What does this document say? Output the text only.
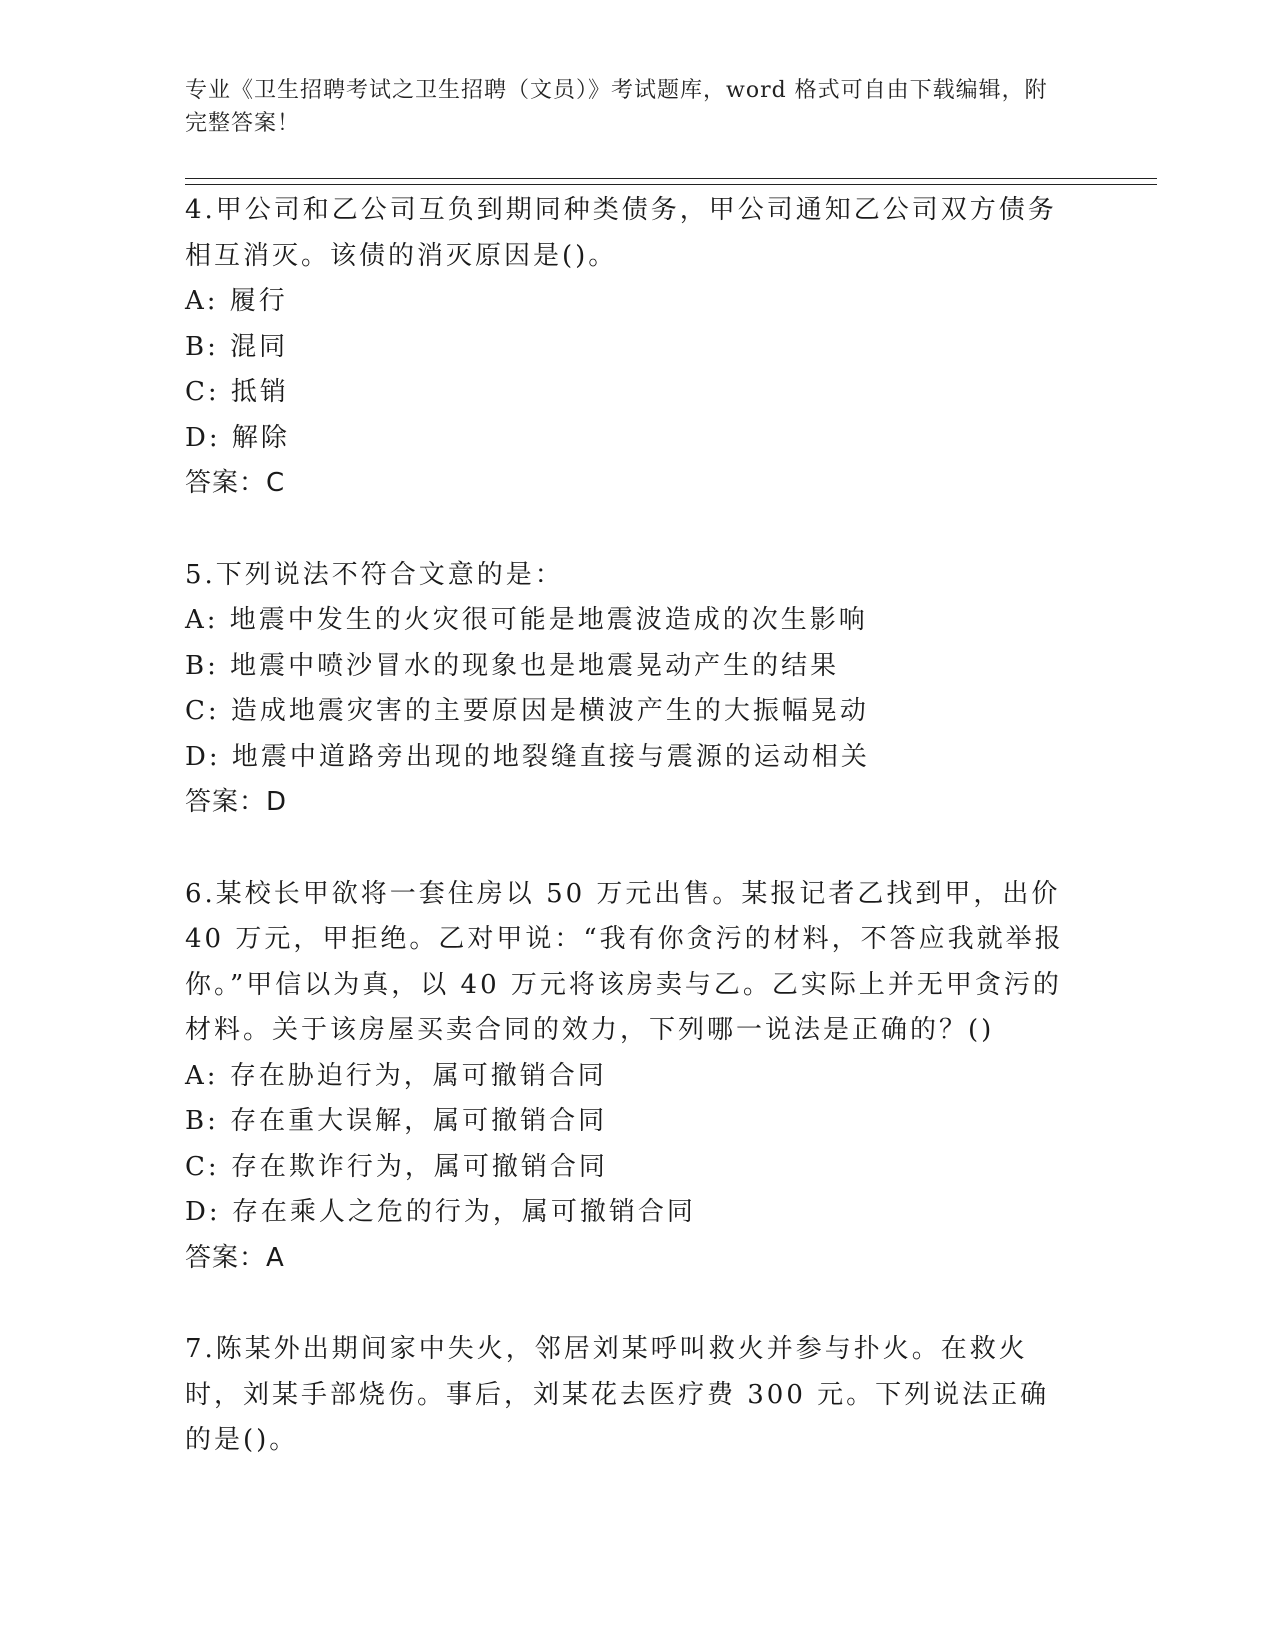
专业《卫生招聘考试之卫生招聘（文员）》考试题库，word 格式可自由下载编辑，附完整答案！

4.甲公司和乙公司互负到期同种类债务，甲公司通知乙公司双方债务相互消灭。该债的消灭原因是()。

A: 履行

B: 混同

C: 抵销

D: 解除

答案：C

5.下列说法不符合文意的是：

A: 地震中发生的火灾很可能是地震波造成的次生影响

B: 地震中喷沙冒水的现象也是地震晃动产生的结果

C: 造成地震灾害的主要原因是横波产生的大振幅晃动

D: 地震中道路旁出现的地裂缝直接与震源的运动相关

答案：D

6.某校长甲欲将一套住房以 50 万元出售。某报记者乙找到甲，出价 40 万元，甲拒绝。乙对甲说：“我有你贪污的材料，不答应我就举报你。”甲信以为真，以 40 万元将该房卖与乙。乙实际上并无甲贪污的材料。关于该房屋买卖合同的效力，下列哪一说法是正确的？()

A: 存在胁迫行为，属可撤销合同

B: 存在重大误解，属可撤销合同

C: 存在欺诈行为，属可撤销合同

D: 存在乘人之危的行为，属可撤销合同

答案：A

7.陈某外出期间家中失火，邻居刘某呼叫救火并参与扑火。在救火时，刘某手部烧伤。事后，刘某花去医疗费 300 元。下列说法正确的是()。
